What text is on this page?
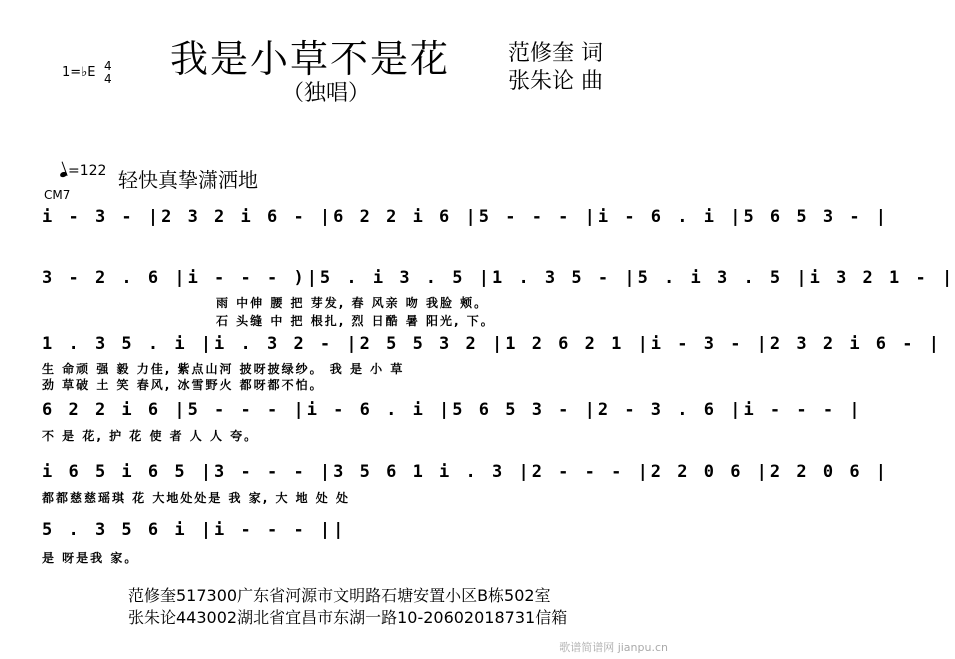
我是小草不是花
（独唱）
范修奎 词
张朱论 曲
1=♭E 4
4
=122 轻快真挚潇洒地
CM7
i - 3 - |2 3 2 i 6 - |6 2 2 i 6 |5 - - - |i - 6 . i |5 6 5 3 - |
3 - 2 . 6 |i - - - )|5 . i 3 . 5 |1 . 3 5 - |5 . i 3 . 5 |i 3 2 1 - |
雨 中伸 腰 把 芽发, 春 风亲 吻 我脸 颊。
石 头缝 中 把 根扎, 烈 日酷 暑 阳光, 下。
1 . 3 5 . i |i . 3 2 - |2 5 5 3 2 |1 2 6 2 1 |i - 3 - |2 3 2 i 6 - |
生 命顽 强 毅 力佳, 紫点山河 披呀披绿纱。 我 是 小 草
劲 草破 土 笑 春风, 冰雪野火 都呀都不怕。
6 2 2 i 6 |5 - - - |i - 6 . i |5 6 5 3 - |2 - 3 . 6 |i - - - |
不 是 花, 护 花 使 者 人 人 夸。
i 6 5 i 6 5 |3 - - - |3 5 6 1 i . 3 |2 - - - |2 2 0 6 |2 2 0 6 |
都都慈慈瑶琪 花 大地处处是 我 家, 大 地 处 处
5 . 3 5 6 i |i - - - ||
是 呀是我 家。
范修奎517300广东省河源市文明路石塘安置小区B栋502室
张朱论443002湖北省宜昌市东湖一路10-20602018731信箱
歌谱简谱网 jianpu.cn
